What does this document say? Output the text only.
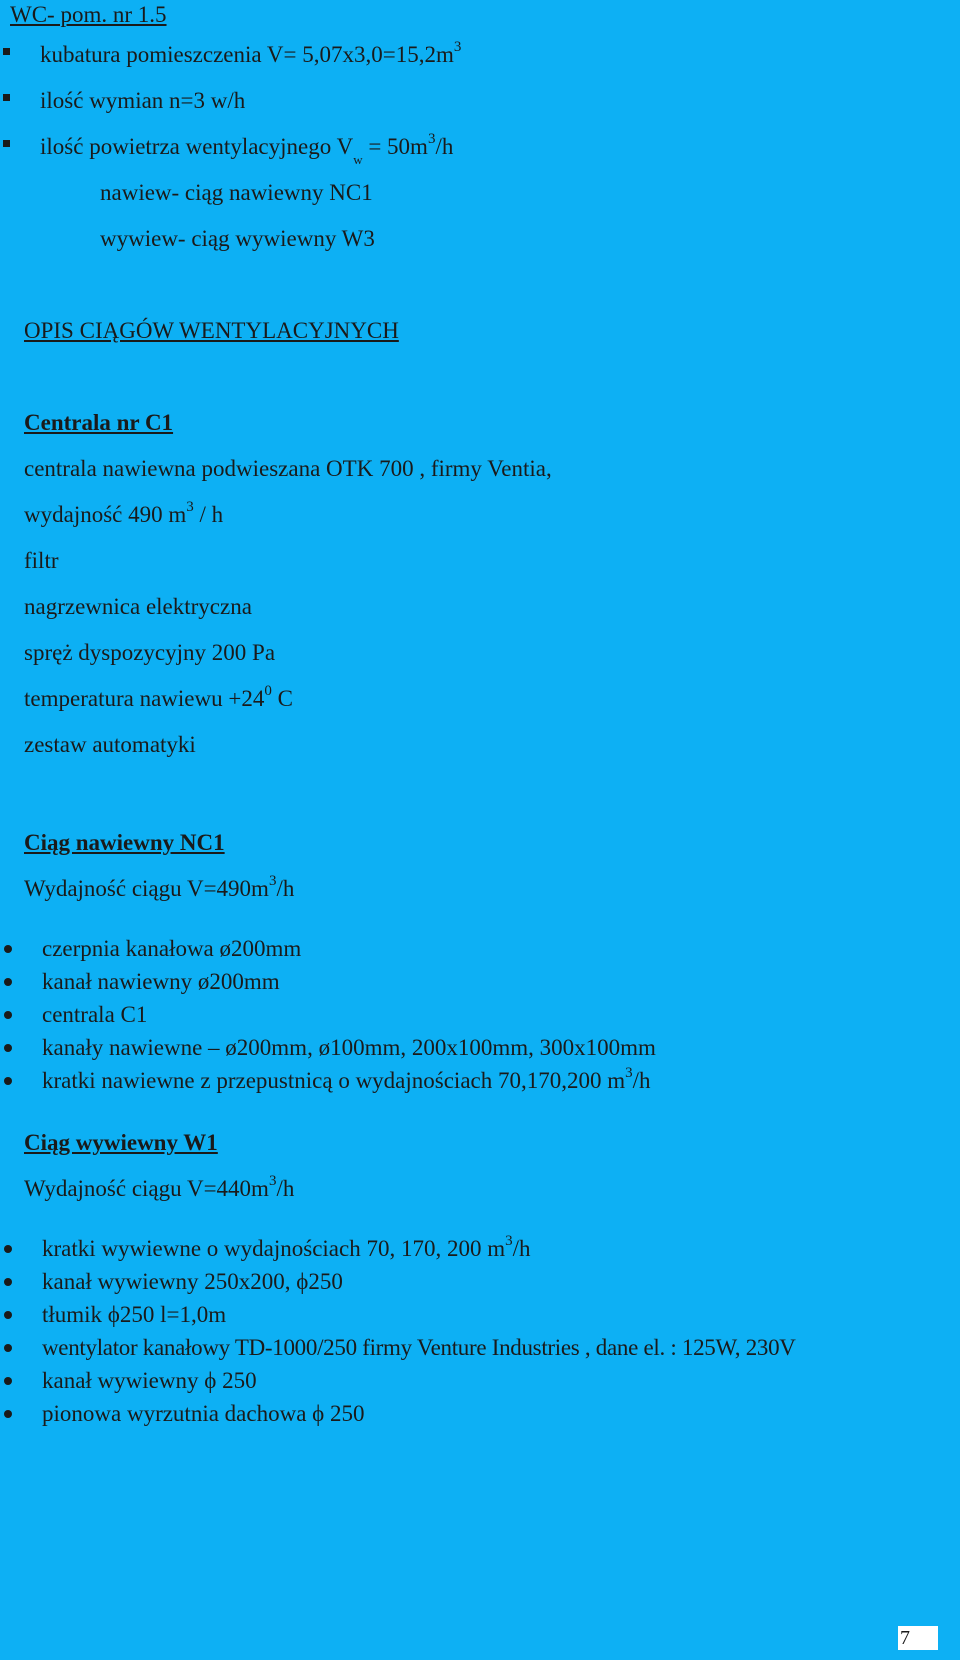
WC- pom. nr 1.5
kubatura pomieszczenia $V= 5,07x3,0=15,2m^3$
ilość wymian n=3 w/h
ilość powietrza wentylacyjnego $V_w = 50m^3/h$
nawiew- ciąg nawiewny NC1
wywiew- ciąg wywiewny W3
OPIS CIĄGÓW WENTYLACYJNYCH
Centrala nr C1
centrala nawiewna podwieszana OTK 700 , firmy Ventia,
wydajność 490 $m^3$ / h
filtr
nagrzewnica elektryczna
spręż dyspozycyjny 200 Pa
temperatura nawiewu $+24^0$ C
zestaw automatyki
Ciąg nawiewny NC1
Wydajność ciągu $V=490m^3/h$
czerpnia kanałowa ø200mm
kanał nawiewny ø200mm
centrala C1
kanały nawiewne – ø200mm, ø100mm, 200x100mm, 300x100mm
kratki nawiewne z przepustnicą o wydajnościach 70,170,200 $m^3/h$
Ciąg wywiewny W1
Wydajność ciągu $V=440m^3/h$
kratki wywiewne o wydajnościach 70, 170, 200 $m^3/h$
kanał wywiewny 250x200, ϕ250
tłumik ϕ250 l=1,0m
wentylator kanałowy TD-1000/250 firmy Venture Industries , dane el. : 125W, 230V
kanał wywiewny ϕ 250
pionowa wyrzutnia dachowa ϕ 250
7
